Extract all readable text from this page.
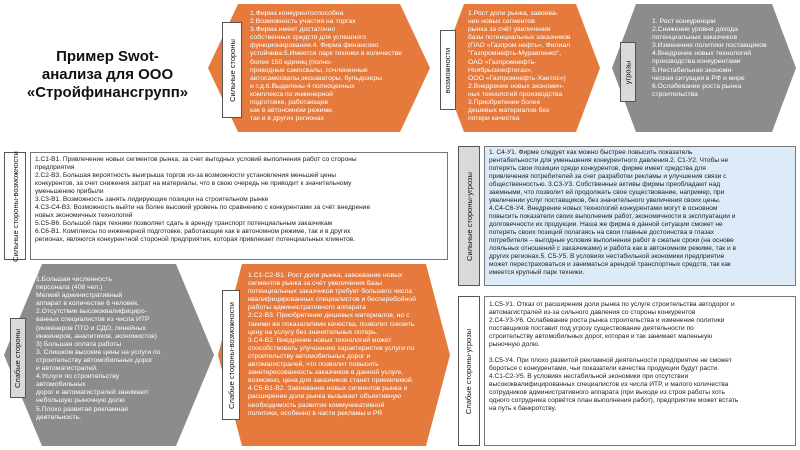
Пример Swot-
анализа для ООО
«Стройфинансгрупп»
1.Фирма конкурентоспособна
2.Возможность участия на торгах
3.Фирма имеет достаточно
собственных средств для успешного
функционирования.4. Фирма финансово
устойчива.5.Имеется парк техники в количестве
более 150 единиц (полно-
приводные самосвалы, сочлененные
автосамосвалы,экскаваторы, бульдозеры
и т.д.6.Выделены 4 полноценных
комплекса по инженерной
подготовке, работающие
как в автономном режиме,
так и в других регионах
Сильные стороны
1.Рост доли рынка, завоева-
ние новых сегментов
рынка за счёт увеличения
базы потенциальных заказчиков
(ПАО «Газпром нефть», Филиал
"Газпромнефть-Муравленко",
ОАО «Газпромнефть-
Ноябрьскнефтегаз»,
ООО «Газпромнефть-Хантос»)
2.Внедрение новых экономич-
ных технологий производства
3.Приобретение более
дешевых материалов без
потери качества
возможности
1. Рост конкуренции
2.Снижение уровня дохода
потенциальных заказчиков
3.Изменение политики поставщиков
4.Внедрение новых технологий
производства конкурентами
5.Нестабильная экономи-
ческая ситуация в РФ и мире
6.Ослабевание роста рынка
строительства
угрозы
Сильные стороны-возможности 1.С1-В1. Привлечение новых сегментов рынка, за счет выгодных условий выполнения работ со стороны
предприятия
2.С2-В3. Большая вероятность выигрыша торгов из-за возможности установления меньшей цены
конкурентов, за счет снижения затрат на материалы, что в свою очередь не приводит к значительному
уменьшению прибыли
3.С3-В1. Возможность занять лидирующие позиции на строительном рынке
4.С3-С4-В3. Возможность выйти на более высокий уровень по сравнению с конкурентами за счёт внедрение
новых экономичных технологий
5.С5-В6. Большой парк техники позволяет сдать в аренду транспорт потенциальным заказчикам
6.С6-В1. Комплексы по инженерной подготовке, работающие как в автономном режиме, так и в других
регионах, являются конкурентной стороной предприятия, которая привлекает потенциальных клиентов.	Сильные стороны-угрозы
1. С4-У1. Фирме следует как можно быстрее повысить показатель
рентабельности для уменьшения конкурентного давления.2. С1-У2. Чтобы не
потерять свои позиции среди конкурентов, фирме имеет средства для
привлечения потребителей за счет разработки рекламы и улучшения связи с
общественностью. 3.С3-У3. Собственные активы фирмы преобладают над
заемными, что позволит ей продолжать свое существование, например, при
увеличении услуг поставщиков, без значительного увеличения своих цены.
4.С4-С6-У4. Внедрение новых технологий конкурентами могут в основном
повысить показатели своих выполнения работ, экономичности в эксплуатации и
долговечности их продукции. Наша же фирма в данной ситуации сможет не
потерять своих позиций полагаясь на свои главные достоинства в глазах
потребителя – выгодные условия выполнения работ в сжатые сроки (на основе
лояльных отношений с заказчиками) и работа как в автономном режиме, так и в
других регионах.5. С5-У5. В условиях нестабильной экономики предприятие
может перестраховаться и заниматься арендой транспортных средств, так как
имеется крупный парк техники.
1.Большая численность
персонала (408 чел.)
Мелкий административный
аппарат в количестве 6 человек.
2.Отсутствие высококвалифициро-
ванных специалистов из числа ИТР
(инженеров ПТО и СДО, линейных
инженеров, аналитиков, экономистов)
3) Большая оплата работы
3. Слишком высокие цены на услуги по
строительству автомобильных дорог
и автомагистралей.
4.Услуги по строительству
автомобильных
дорог и автомагистралей занимают
небольшую рыночную долю
5.Плохо развитая рекламная
деятельность.
Слабые стороны
1.С1-С2-В1. Рост доли рынка, завоевание новых
сегментов рынка за счёт увеличения базы
потенциальных заказчиков требует большего числа
квалифицированных специалистов и бесперебойной
работы административного аппарата
2.С2-В3. Приобретение дешевых материалов, но с
такими же показателями качества, позволит снизить
цену на услугу без значительных потерь.
3.С4-В2. Внедрение новых технологий может
способствовать улучшению характеристик услуги по
строительству автомобильных дорог и
автомагистралей, что позволит повысить
заинтересованность заказчиков в данной услуге,
возможно, цена для заказчиков станет приемлемой.
4.С5-В1-В2. Завоевание новых сегментов рынка и
расширение доли рынка вызывает объективную
необходимость развития коммуникативной
политики, особенно в части рекламы и PR
Слабые стороны-возможности	Слабые стороны-угрозы
1.С5-У1. Отказ от расширения доли рынка по услуге строительства автодорог и
автомагистралей из-за сильного давления со стороны конкурентов
2.С4-У3-У6. Ослабевание роста рынка строительства и изменение политики
поставщиков поставит под угрозу существование деятельности по
строительству автомобильных дорог, которая и так занимает маленькую
рыночную долю.
3.С5-У4. При плохо развитой рекламной деятельности предприятие не сможет
бороться с конкурентами, чьи показатели качества продукции будут расти.
4.С1-С2-У5. В условиях нестабильной экономики при отсутствии
высококвалифицированных специалистов из числа ИТР, и малого количества
сотрудников административного аппарата (при выходе из строя работы хоть
одного сотрудника сорвётся план выполнения работ), предприятие может встать
на путь к банкротству.
